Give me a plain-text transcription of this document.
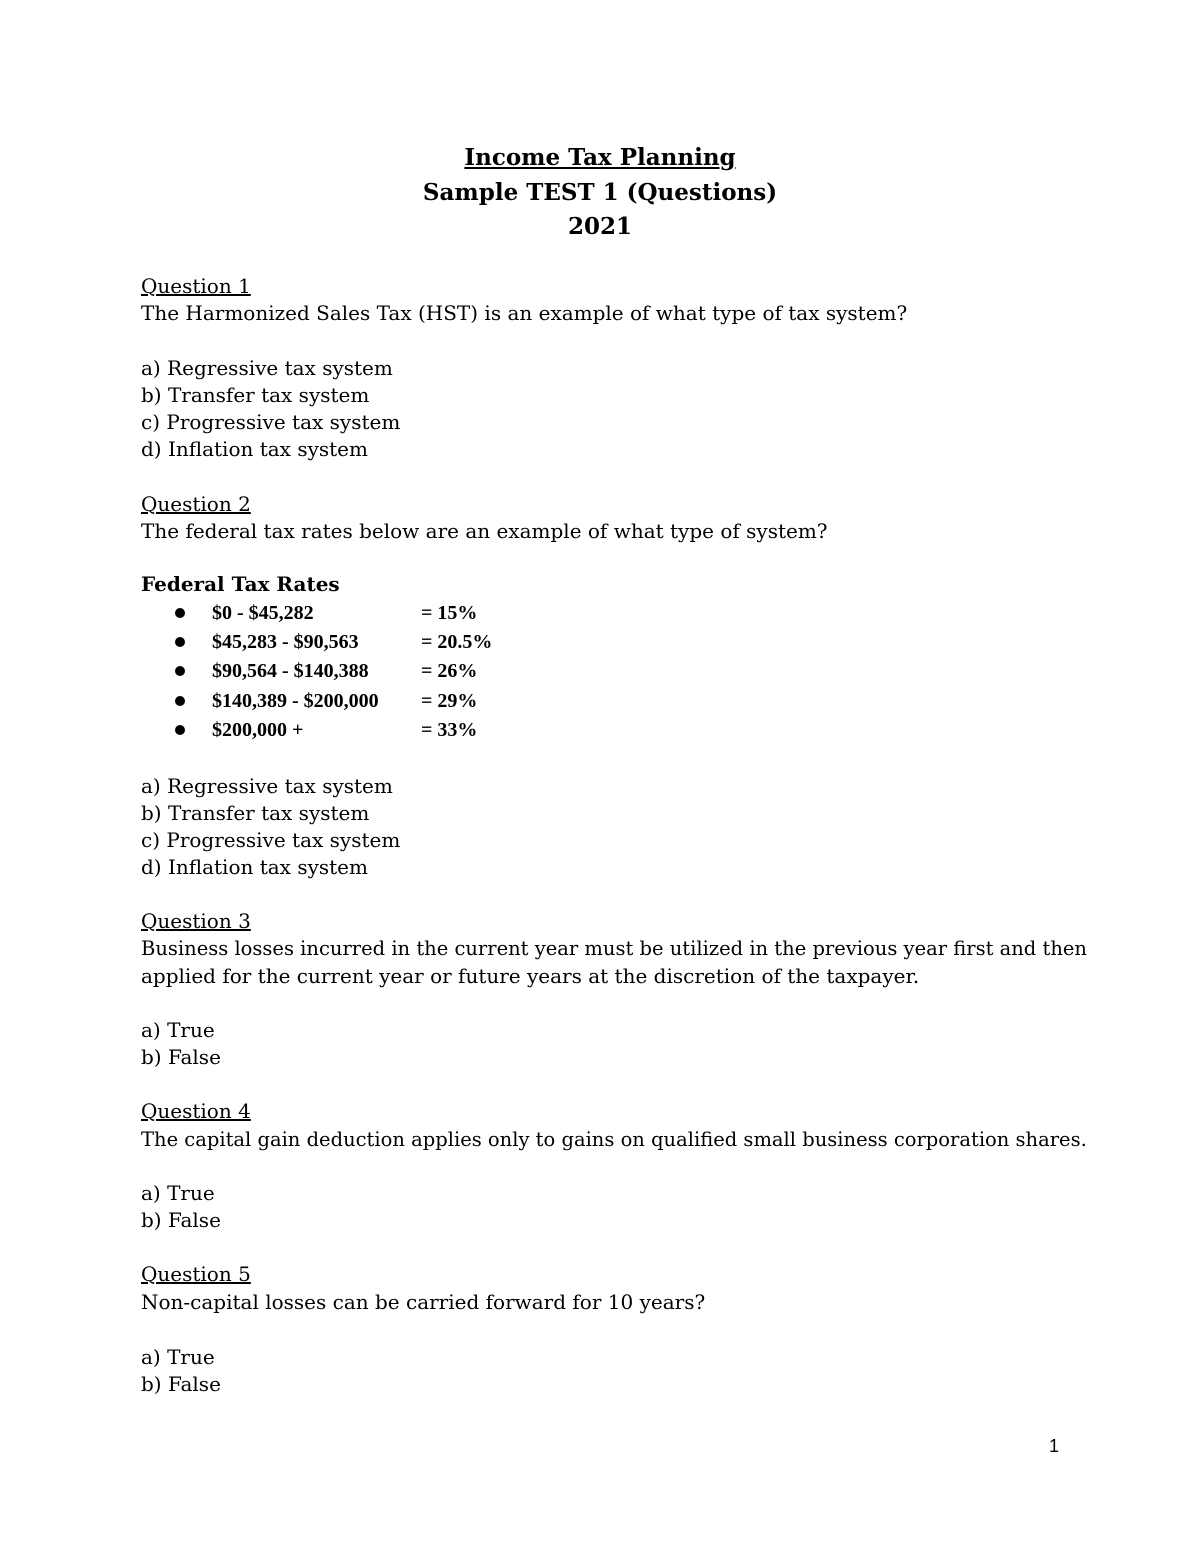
Income Tax Planning
Sample TEST 1 (Questions)
2021
Question 1
The Harmonized Sales Tax (HST) is an example of what type of tax system?
a) Regressive tax system
b) Transfer tax system
c) Progressive tax system
d) Inflation tax system
Question 2
The federal tax rates below are an example of what type of system?
Federal Tax Rates
$0 - $45,282	= 15%
$45,283 - $90,563	= 20.5%
$90,564 - $140,388	= 26%
$140,389 - $200,000 = 29%
$200,000 +	= 33%
a) Regressive tax system
b) Transfer tax system
c) Progressive tax system
d) Inflation tax system
Question 3
Business losses incurred in the current year must be utilized in the previous year first and then
applied for the current year or future years at the discretion of the taxpayer.
a) True
b) False
Question 4
The capital gain deduction applies only to gains on qualified small business corporation shares.
a) True
b) False
Question 5
Non-capital losses can be carried forward for 10 years?
a) True
b) False
1
